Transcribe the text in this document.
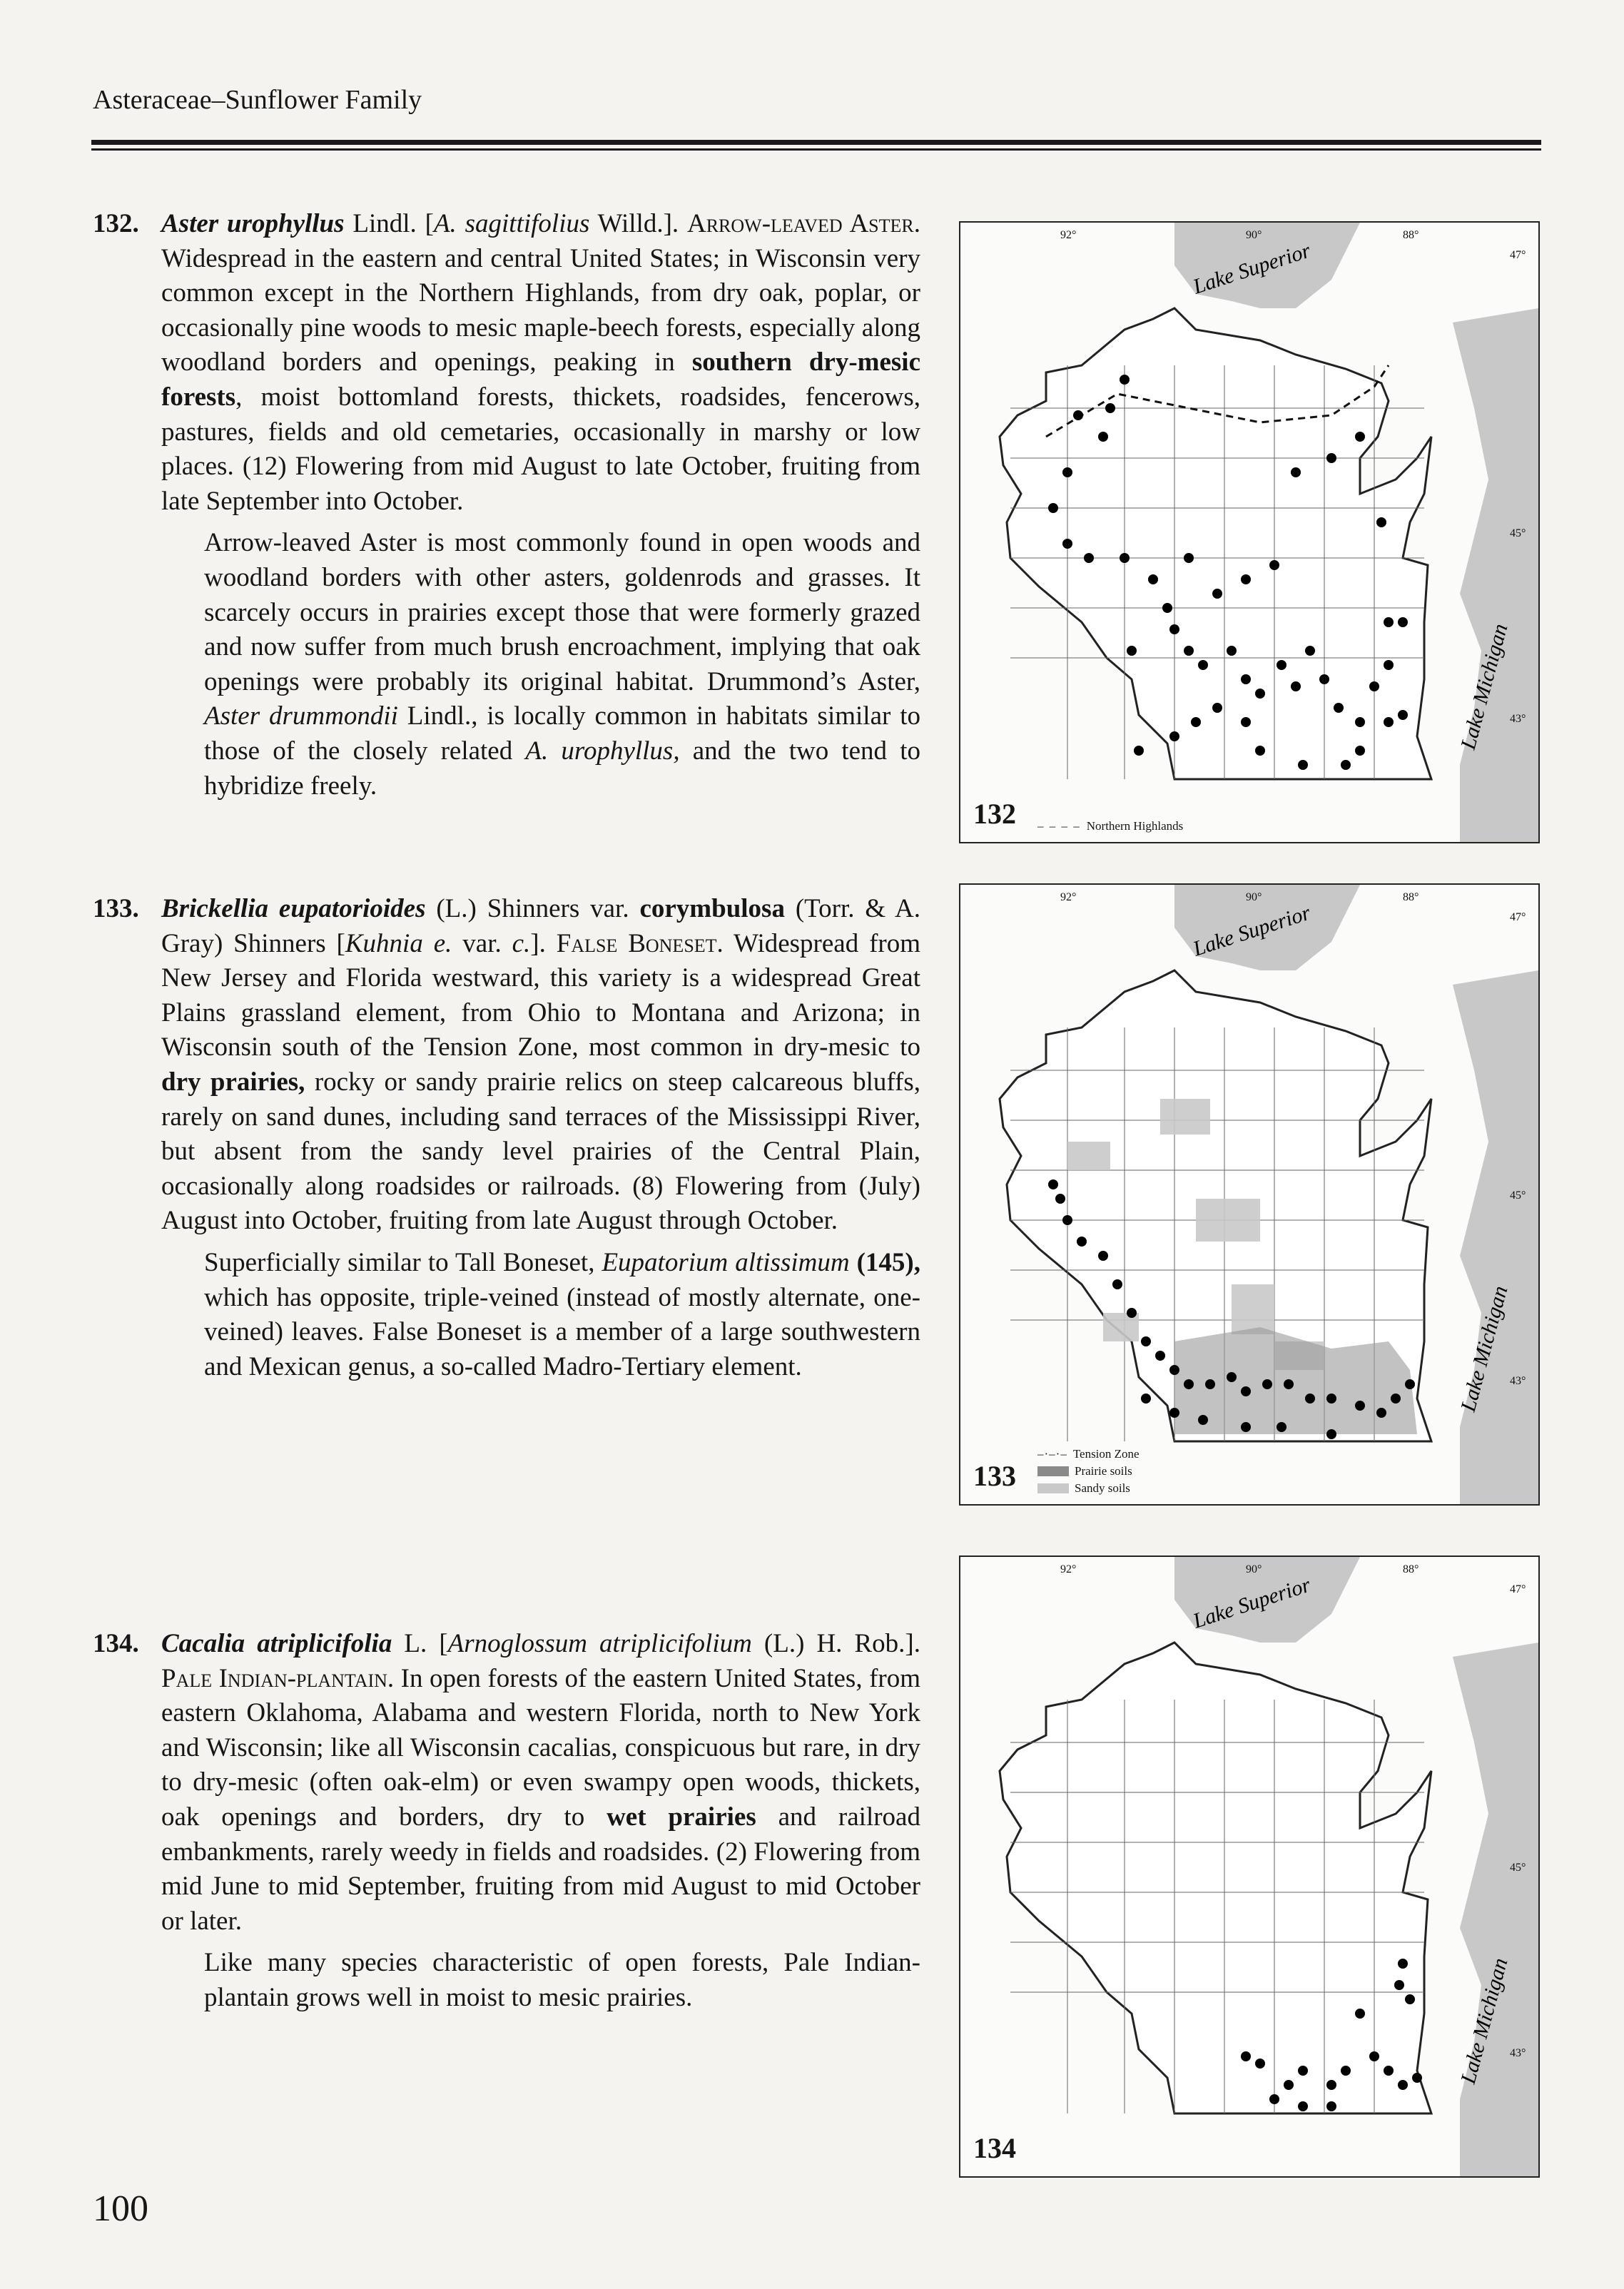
Asteraceae–Sunflower Family

132. Aster urophyllus Lindl. [A. sagittifolius Willd.]. Arrow-leaved Aster. Widespread in the eastern and central United States; in Wisconsin very common except in the Northern Highlands, from dry oak, poplar, or occasionally pine woods to mesic maple-beech forests, especially along woodland borders and openings, peaking in southern dry-mesic forests, moist bottomland forests, thickets, roadsides, fencerows, pastures, fields and old cemetaries, occasionally in marshy or low places. (12) Flowering from mid August to late October, fruiting from late September into October.

Arrow-leaved Aster is most commonly found in open woods and woodland borders with other asters, goldenrods and grasses. It scarcely occurs in prairies except those that were formerly grazed and now suffer from much brush encroachment, implying that oak openings were probably its original habitat. Drummond’s Aster, Aster drummondii Lindl., is locally common in habitats similar to those of the closely related A. urophyllus, and the two tend to hybridize freely.

133. Brickellia eupatorioides (L.) Shinners var. corymbulosa (Torr. & A. Gray) Shinners [Kuhnia e. var. c.]. False Boneset. Widespread from New Jersey and Florida westward, this variety is a widespread Great Plains grassland element, from Ohio to Montana and Arizona; in Wisconsin south of the Tension Zone, most common in dry-mesic to dry prairies, rocky or sandy prairie relics on steep calcareous bluffs, rarely on sand dunes, including sand terraces of the Mississippi River, but absent from the sandy level prairies of the Central Plain, occasionally along roadsides or railroads. (8) Flowering from (July) August into October, fruiting from late August through October.

Superficially similar to Tall Boneset, Eupatorium altissimum (145), which has opposite, triple-veined (instead of mostly alternate, one-veined) leaves. False Boneset is a member of a large southwestern and Mexican genus, a so-called Madro-Tertiary element.

134. Cacalia atriplicifolia L. [Arnoglossum atriplicifolium (L.) H. Rob.]. Pale Indian-plantain. In open forests of the eastern United States, from eastern Oklahoma, Alabama and western Florida, north to New York and Wisconsin; like all Wisconsin cacalias, conspicuous but rare, in dry to dry-mesic (often oak-elm) or even swampy open woods, thickets, oak openings and borders, dry to wet prairies and railroad embankments, rarely weedy in fields and roadsides. (2) Flowering from mid June to mid September, fruiting from mid August to mid October or later.

Like many species characteristic of open forests, Pale Indian-plantain grows well in moist to mesic prairies.

100
92°	90°	88°
47°
45°
43°
Lake Superior
Lake Michigan
132 – – – – Northern Highlands
92°	90°	88°
47°
45°
43°
Lake Superior
Lake Michigan
133
–·–·– Tension Zone
Prairie soils
Sandy soils
92°	90°	88°
47°
45°
43°
Lake Superior
Lake Michigan
134
